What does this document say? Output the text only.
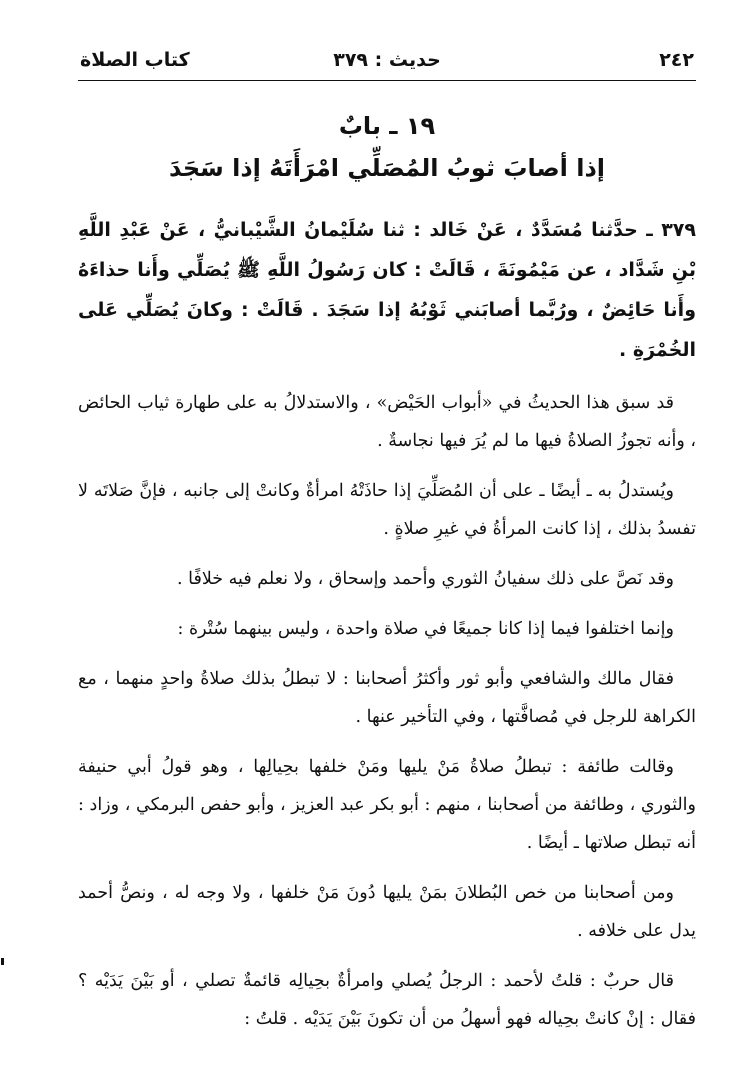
٢٤٢
حديث : ٣٧٩
كتاب الصلاة
١٩ ـ بابٌ
إذا أصابَ ثوبُ المُصَلِّي امْرَأَتَهُ إذا سَجَدَ

٣٧٩ ـ حدَّثنا مُسَدَّدٌ ، عَنْ خَالد : ثنا سُلَيْمانُ الشَّيْبانيُّ ، عَنْ عَبْدِ اللَّهِ بْنِ شَدَّاد ، عن مَيْمُونَةَ ، قَالَتْ : كان رَسُولُ اللَّهِ ﷺ يُصَلِّي وأَنا حذاءَهُ وأَنا حَائِضٌ ، ورُبَّما أصابَني ثَوْبُهُ إذا سَجَدَ . قَالَتْ : وكانَ يُصَلِّي عَلى الخُمْرَةِ .

قد سبق هذا الحديثُ في «أبواب الحَيْض» ، والاستدلالُ به على طهارة ثياب الحائض ، وأنه تجوزُ الصلاةُ فيها ما لم يُرَ فيها نجاسةٌ .

ويُستدلُ به ـ أيضًا ـ على أن المُصَلِّيَ إذا حاذَتْهُ امرأةٌ وكانتْ إلى جانبه ، فإنَّ صَلاتَه لا تفسدُ بذلك ، إذا كانت المرأةُ في غيرِ صلاةٍ .

وقد نَصَّ على ذلك سفيانُ الثوري وأحمد وإسحاق ، ولا نعلم فيه خلافًا .

وإنما اختلفوا فيما إذا كانا جميعًا في صلاة واحدة ، وليس بينهما سُتْرة :

فقال مالك والشافعي وأبو ثور وأكثرُ أصحابنا : لا تبطلُ بذلك صلاةُ واحدٍ منهما ، مع الكراهة للرجل في مُصافَّتها ، وفي التأخير عنها .

وقالت طائفة : تبطلُ صلاةُ مَنْ يليها ومَنْ خلفها بحِيالِها ، وهو قولُ أبي حنيفة والثوري ، وطائفة من أصحابنا ، منهم : أبو بكر عبد العزيز ، وأبو حفص البرمكي ، وزاد : أنه تبطل صلاتها ـ أيضًا .

ومن أصحابنا من خص البُطلانَ بمَنْ يليها دُونَ مَنْ خلفها ، ولا وجه له ، ونصُّ أحمد يدل على خلافه .

قال حربٌ : قلتُ لأحمد : الرجلُ يُصلي وامرأةٌ بحِيالِه قائمةٌ تصلي ، أو بَيْنَ يَدَيْه ؟ فقال : إنْ كانتْ بحِياله فهو أسهلُ من أن تكونَ بَيْنَ يَدَيْه . قلتُ :
